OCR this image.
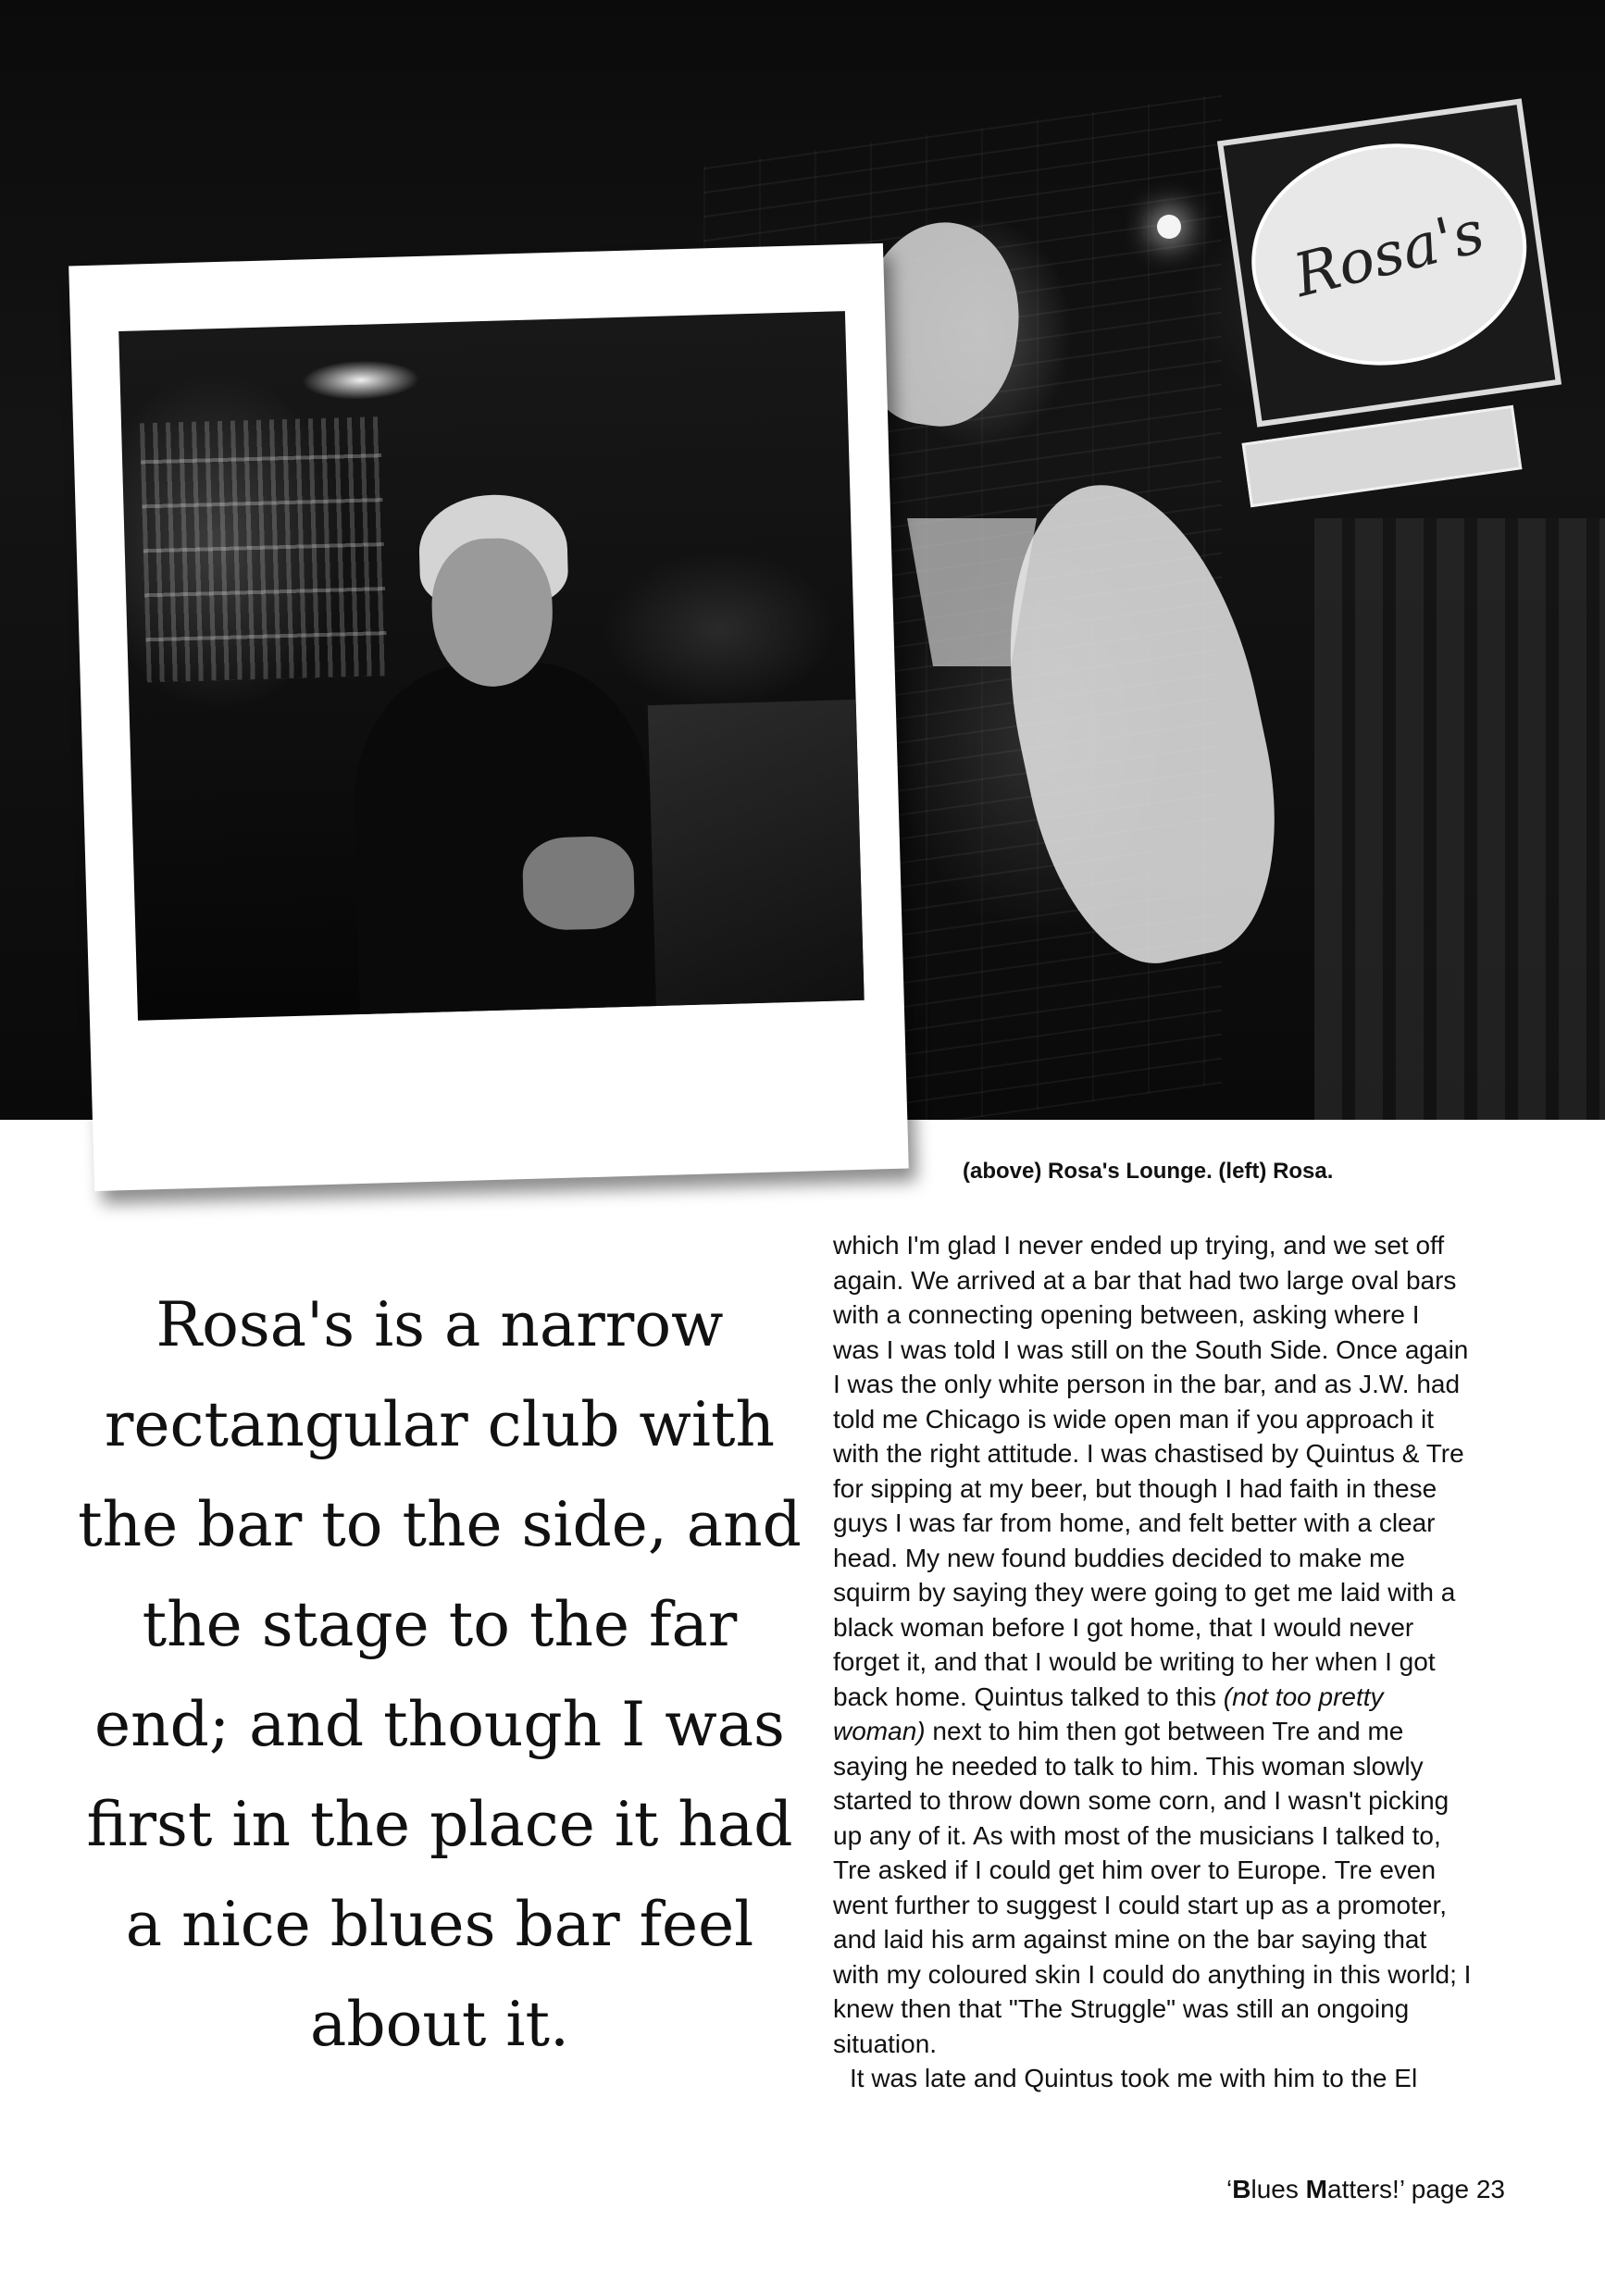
Rosa's

(above) Rosa's Lounge. (left) Rosa.

Rosa's is a narrow rectangular club with the bar to the side, and the stage to the far end; and though I was first in the place it had a nice blues bar feel about it.

which I'm glad I never ended up trying, and we set off again. We arrived at a bar that had two large oval bars with a connecting opening between, asking where I was I was told I was still on the South Side. Once again I was the only white person in the bar, and as J.W. had told me Chicago is wide open man if you approach it with the right attitude. I was chastised by Quintus & Tre for sipping at my beer, but though I had faith in these guys I was far from home, and felt better with a clear head. My new found buddies decided to make me squirm by saying they were going to get me laid with a black woman before I got home, that I would never forget it, and that I would be writing to her when I got back home. Quintus talked to this (not too pretty woman) next to him then got between Tre and me saying he needed to talk to him. This woman slowly started to throw down some corn, and I wasn't picking up any of it. As with most of the musicians I talked to, Tre asked if I could get him over to Europe. Tre even went further to suggest I could start up as a promoter, and laid his arm against mine on the bar saying that with my coloured skin I could do anything in this world; I knew then that "The Struggle" was still an ongoing situation.

It was late and Quintus took me with him to the El

‘Blues Matters!’ page 23
